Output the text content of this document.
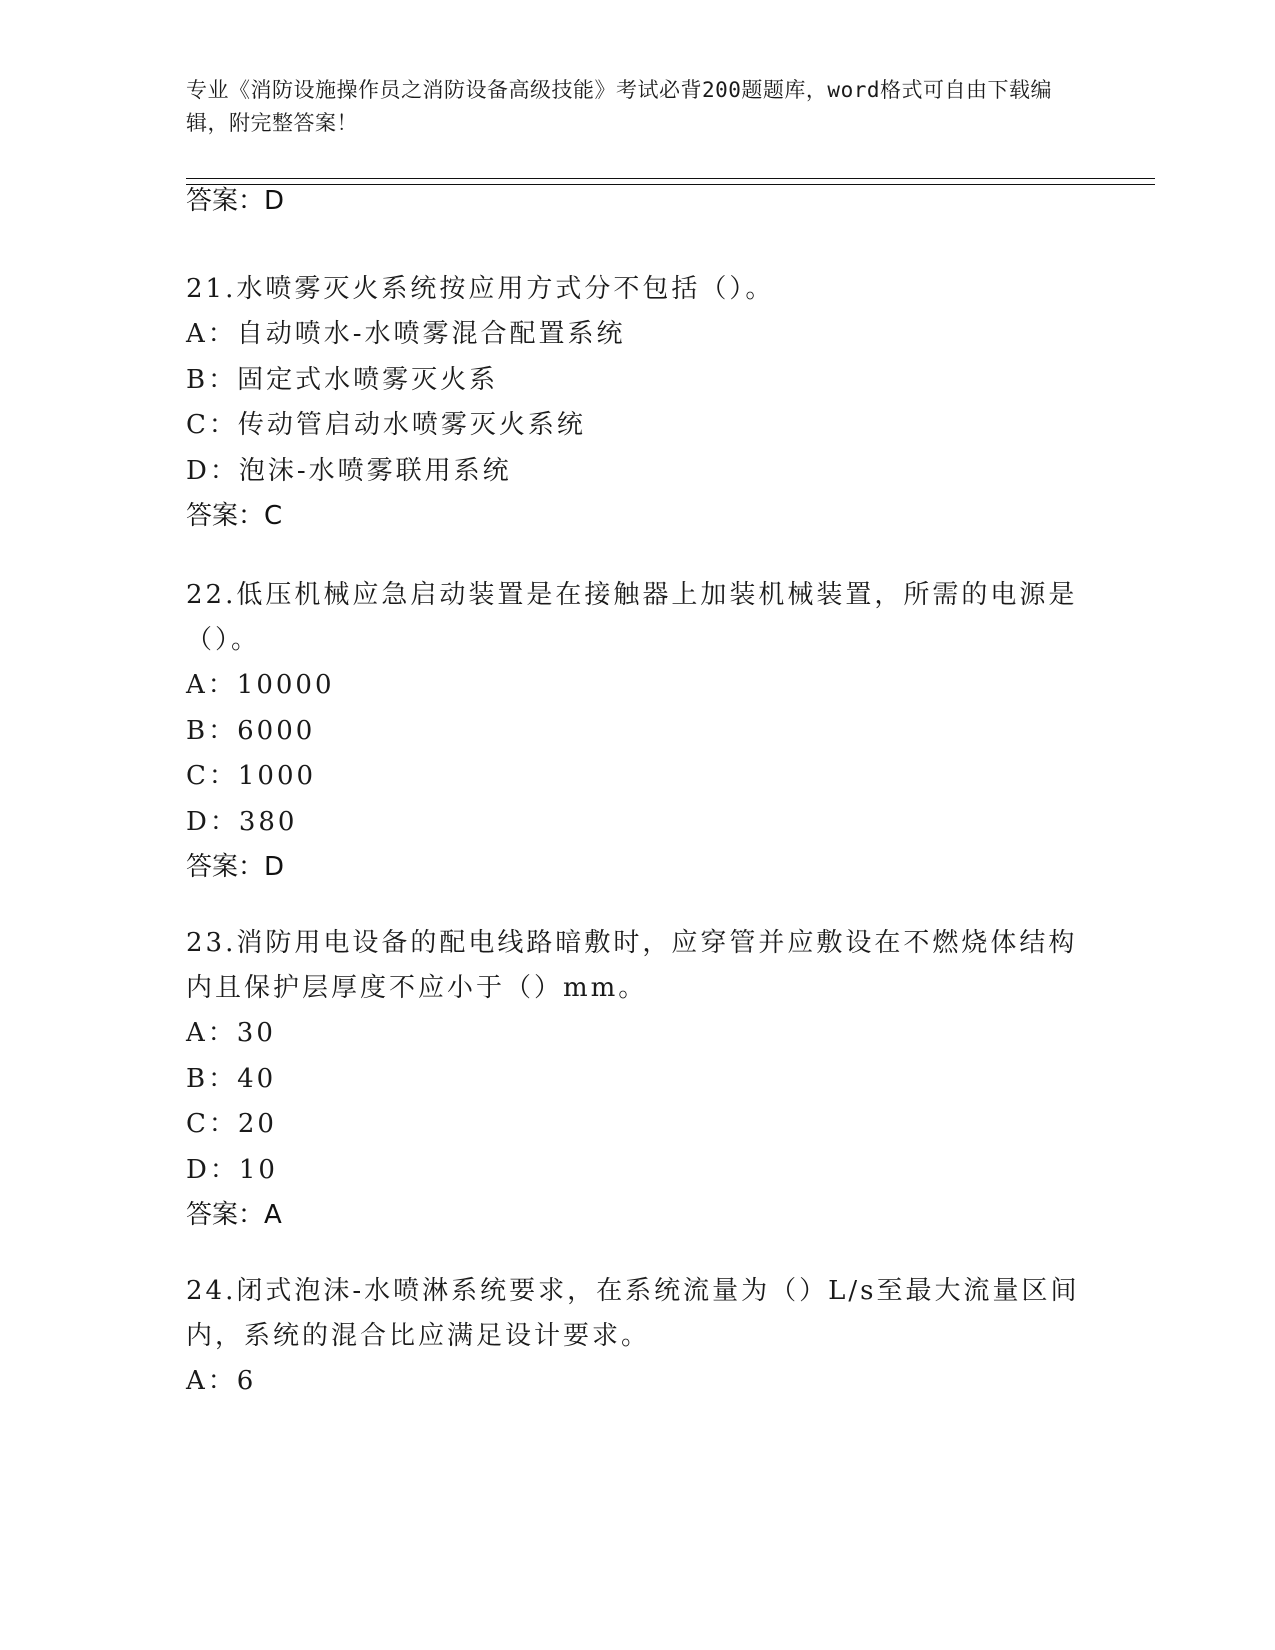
专业《消防设施操作员之消防设备高级技能》考试必背200题题库，word格式可自由下载编辑，附完整答案！
答案：D

21.水喷雾灭火系统按应用方式分不包括（）。

A：自动喷水-水喷雾混合配置系统
B：固定式水喷雾灭火系
C：传动管启动水喷雾灭火系统
D：泡沫-水喷雾联用系统
答案：C

22.低压机械应急启动装置是在接触器上加装机械装置，所需的电源是（）。

A：10000
B：6000
C：1000
D：380
答案：D

23.消防用电设备的配电线路暗敷时，应穿管并应敷设在不燃烧体结构内且保护层厚度不应小于（）mm。

A：30
B：40
C：20
D：10
答案：A

24.闭式泡沫-水喷淋系统要求，在系统流量为（）L/s至最大流量区间内，系统的混合比应满足设计要求。

A：6
